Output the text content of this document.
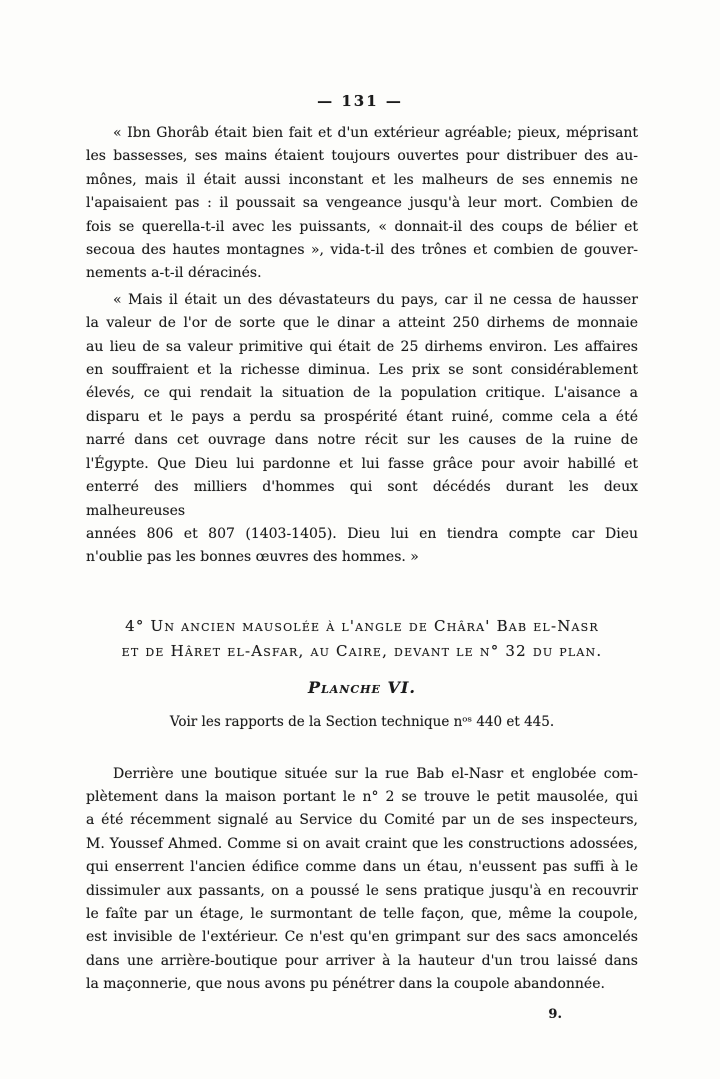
— 131 —
« Ibn Ghorâb était bien fait et d'un extérieur agréable; pieux, méprisant
les bassesses, ses mains étaient toujours ouvertes pour distribuer des au-
mônes, mais il était aussi inconstant et les malheurs de ses ennemis ne
l'apaisaient pas : il poussait sa vengeance jusqu'à leur mort. Combien de
fois se querella-t-il avec les puissants, « donnait-il des coups de bélier et
secoua des hautes montagnes », vida-t-il des trônes et combien de gouver-
nements a-t-il déracinés.
« Mais il était un des dévastateurs du pays, car il ne cessa de hausser
la valeur de l'or de sorte que le dinar a atteint 250 dirhems de monnaie
au lieu de sa valeur primitive qui était de 25 dirhems environ. Les affaires
en souffraient et la richesse diminua. Les prix se sont considérablement
élevés, ce qui rendait la situation de la population critique. L'aisance a
disparu et le pays a perdu sa prospérité étant ruiné, comme cela a été
narré dans cet ouvrage dans notre récit sur les causes de la ruine de
l'Égypte. Que Dieu lui pardonne et lui fasse grâce pour avoir habillé et
enterré des milliers d'hommes qui sont décédés durant les deux malheureuses
années 806 et 807 (1403-1405). Dieu lui en tiendra compte car Dieu
n'oublie pas les bonnes œuvres des hommes. »
4° Un ancien mausolée à l'angle de Châra' Bab el-Nasr
et de Hâret el-Asfar, au Caire, devant le n° 32 du plan.
Planche VI.
Voir les rapports de la Section technique nᵒˢ 440 et 445.
Derrière une boutique située sur la rue Bab el-Nasr et englobée com-
plètement dans la maison portant le n° 2 se trouve le petit mausolée, qui
a été récemment signalé au Service du Comité par un de ses inspecteurs,
M. Youssef Ahmed. Comme si on avait craint que les constructions adossées,
qui enserrent l'ancien édifice comme dans un étau, n'eussent pas suffi à le
dissimuler aux passants, on a poussé le sens pratique jusqu'à en recouvrir
le faîte par un étage, le surmontant de telle façon, que, même la coupole,
est invisible de l'extérieur. Ce n'est qu'en grimpant sur des sacs amoncelés
dans une arrière-boutique pour arriver à la hauteur d'un trou laissé dans
la maçonnerie, que nous avons pu pénétrer dans la coupole abandonnée.
9.
